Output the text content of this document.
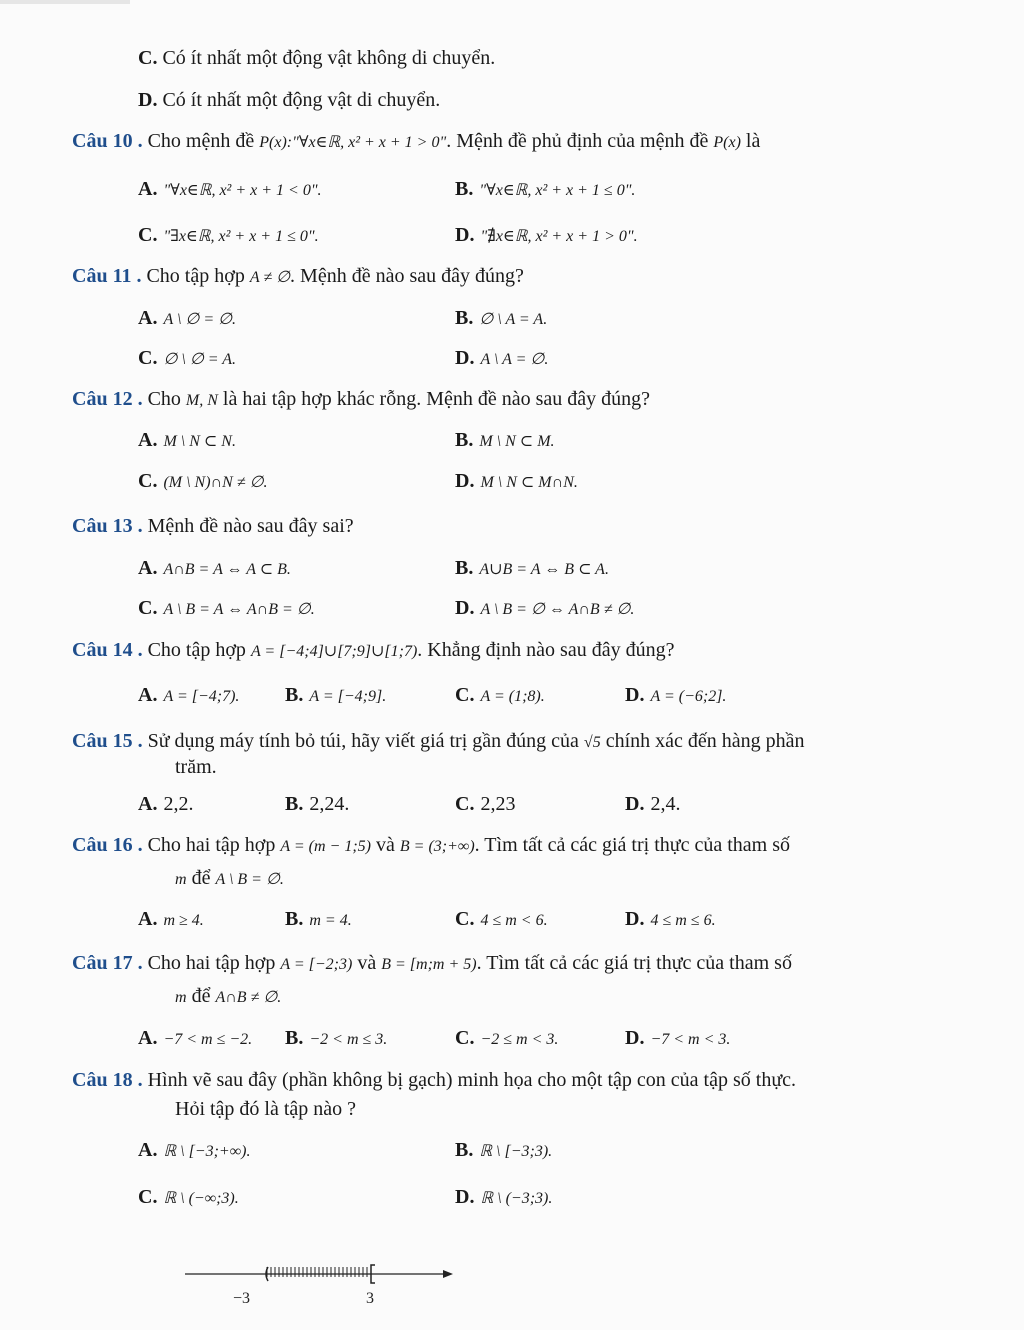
C. Có ít nhất một động vật không di chuyển.
D. Có ít nhất một động vật di chuyển.
Câu 10 . Cho mệnh đề P(x):"∀x∈ℝ, x² + x + 1 > 0". Mệnh đề phủ định của mệnh đề P(x) là
A. "∀x∈ℝ, x² + x + 1 < 0".	B. "∀x∈ℝ, x² + x + 1 ≤ 0".
C. "∃x∈ℝ, x² + x + 1 ≤ 0".	D. "∄x∈ℝ, x² + x + 1 > 0".
Câu 11 . Cho tập hợp A ≠ ∅. Mệnh đề nào sau đây đúng?
A. A \ ∅ = ∅.	B. ∅ \ A = A.
C. ∅ \ ∅ = A.	D. A \ A = ∅.
Câu 12 . Cho M, N là hai tập hợp khác rỗng. Mệnh đề nào sau đây đúng?
A. M \ N ⊂ N.	B. M \ N ⊂ M.
C. (M \ N)∩N ≠ ∅.	D. M \ N ⊂ M∩N.
Câu 13 . Mệnh đề nào sau đây sai?
A. A∩B = A ⇔ A ⊂ B.	B. A∪B = A ⇔ B ⊂ A.
C. A \ B = A ⇔ A∩B = ∅.	D. A \ B = ∅ ⇔ A∩B ≠ ∅.
Câu 14 . Cho tập hợp A = [−4;4]∪[7;9]∪[1;7). Khẳng định nào sau đây đúng?
A. A = [−4;7). B. A = [−4;9].	C. A = (1;8).	D. A = (−6;2].
Câu 15 . Sử dụng máy tính bỏ túi, hãy viết giá trị gần đúng của √5 chính xác đến hàng phần
trăm.
A. 2,2.	B. 2,24.	C. 2,23	D. 2,4.
Câu 16 . Cho hai tập hợp A = (m − 1;5) và B = (3;+∞). Tìm tất cả các giá trị thực của tham số
m để A \ B = ∅.
A. m ≥ 4.	B. m = 4.	C. 4 ≤ m < 6.	D. 4 ≤ m ≤ 6.
Câu 17 . Cho hai tập hợp A = [−2;3) và B = [m;m + 5). Tìm tất cả các giá trị thực của tham số
m để A∩B ≠ ∅.
A. −7 < m ≤ −2. B. −2 < m ≤ 3.	C. −2 ≤ m < 3.	D. −7 < m < 3.
Câu 18 . Hình vẽ sau đây (phần không bị gạch) minh họa cho một tập con của tập số thực.
Hỏi tập đó là tập nào ?
A. ℝ \ [−3;+∞).	B. ℝ \ [−3;3).
C. ℝ \ (−∞;3).	D. ℝ \ (−3;3).
−3	3
